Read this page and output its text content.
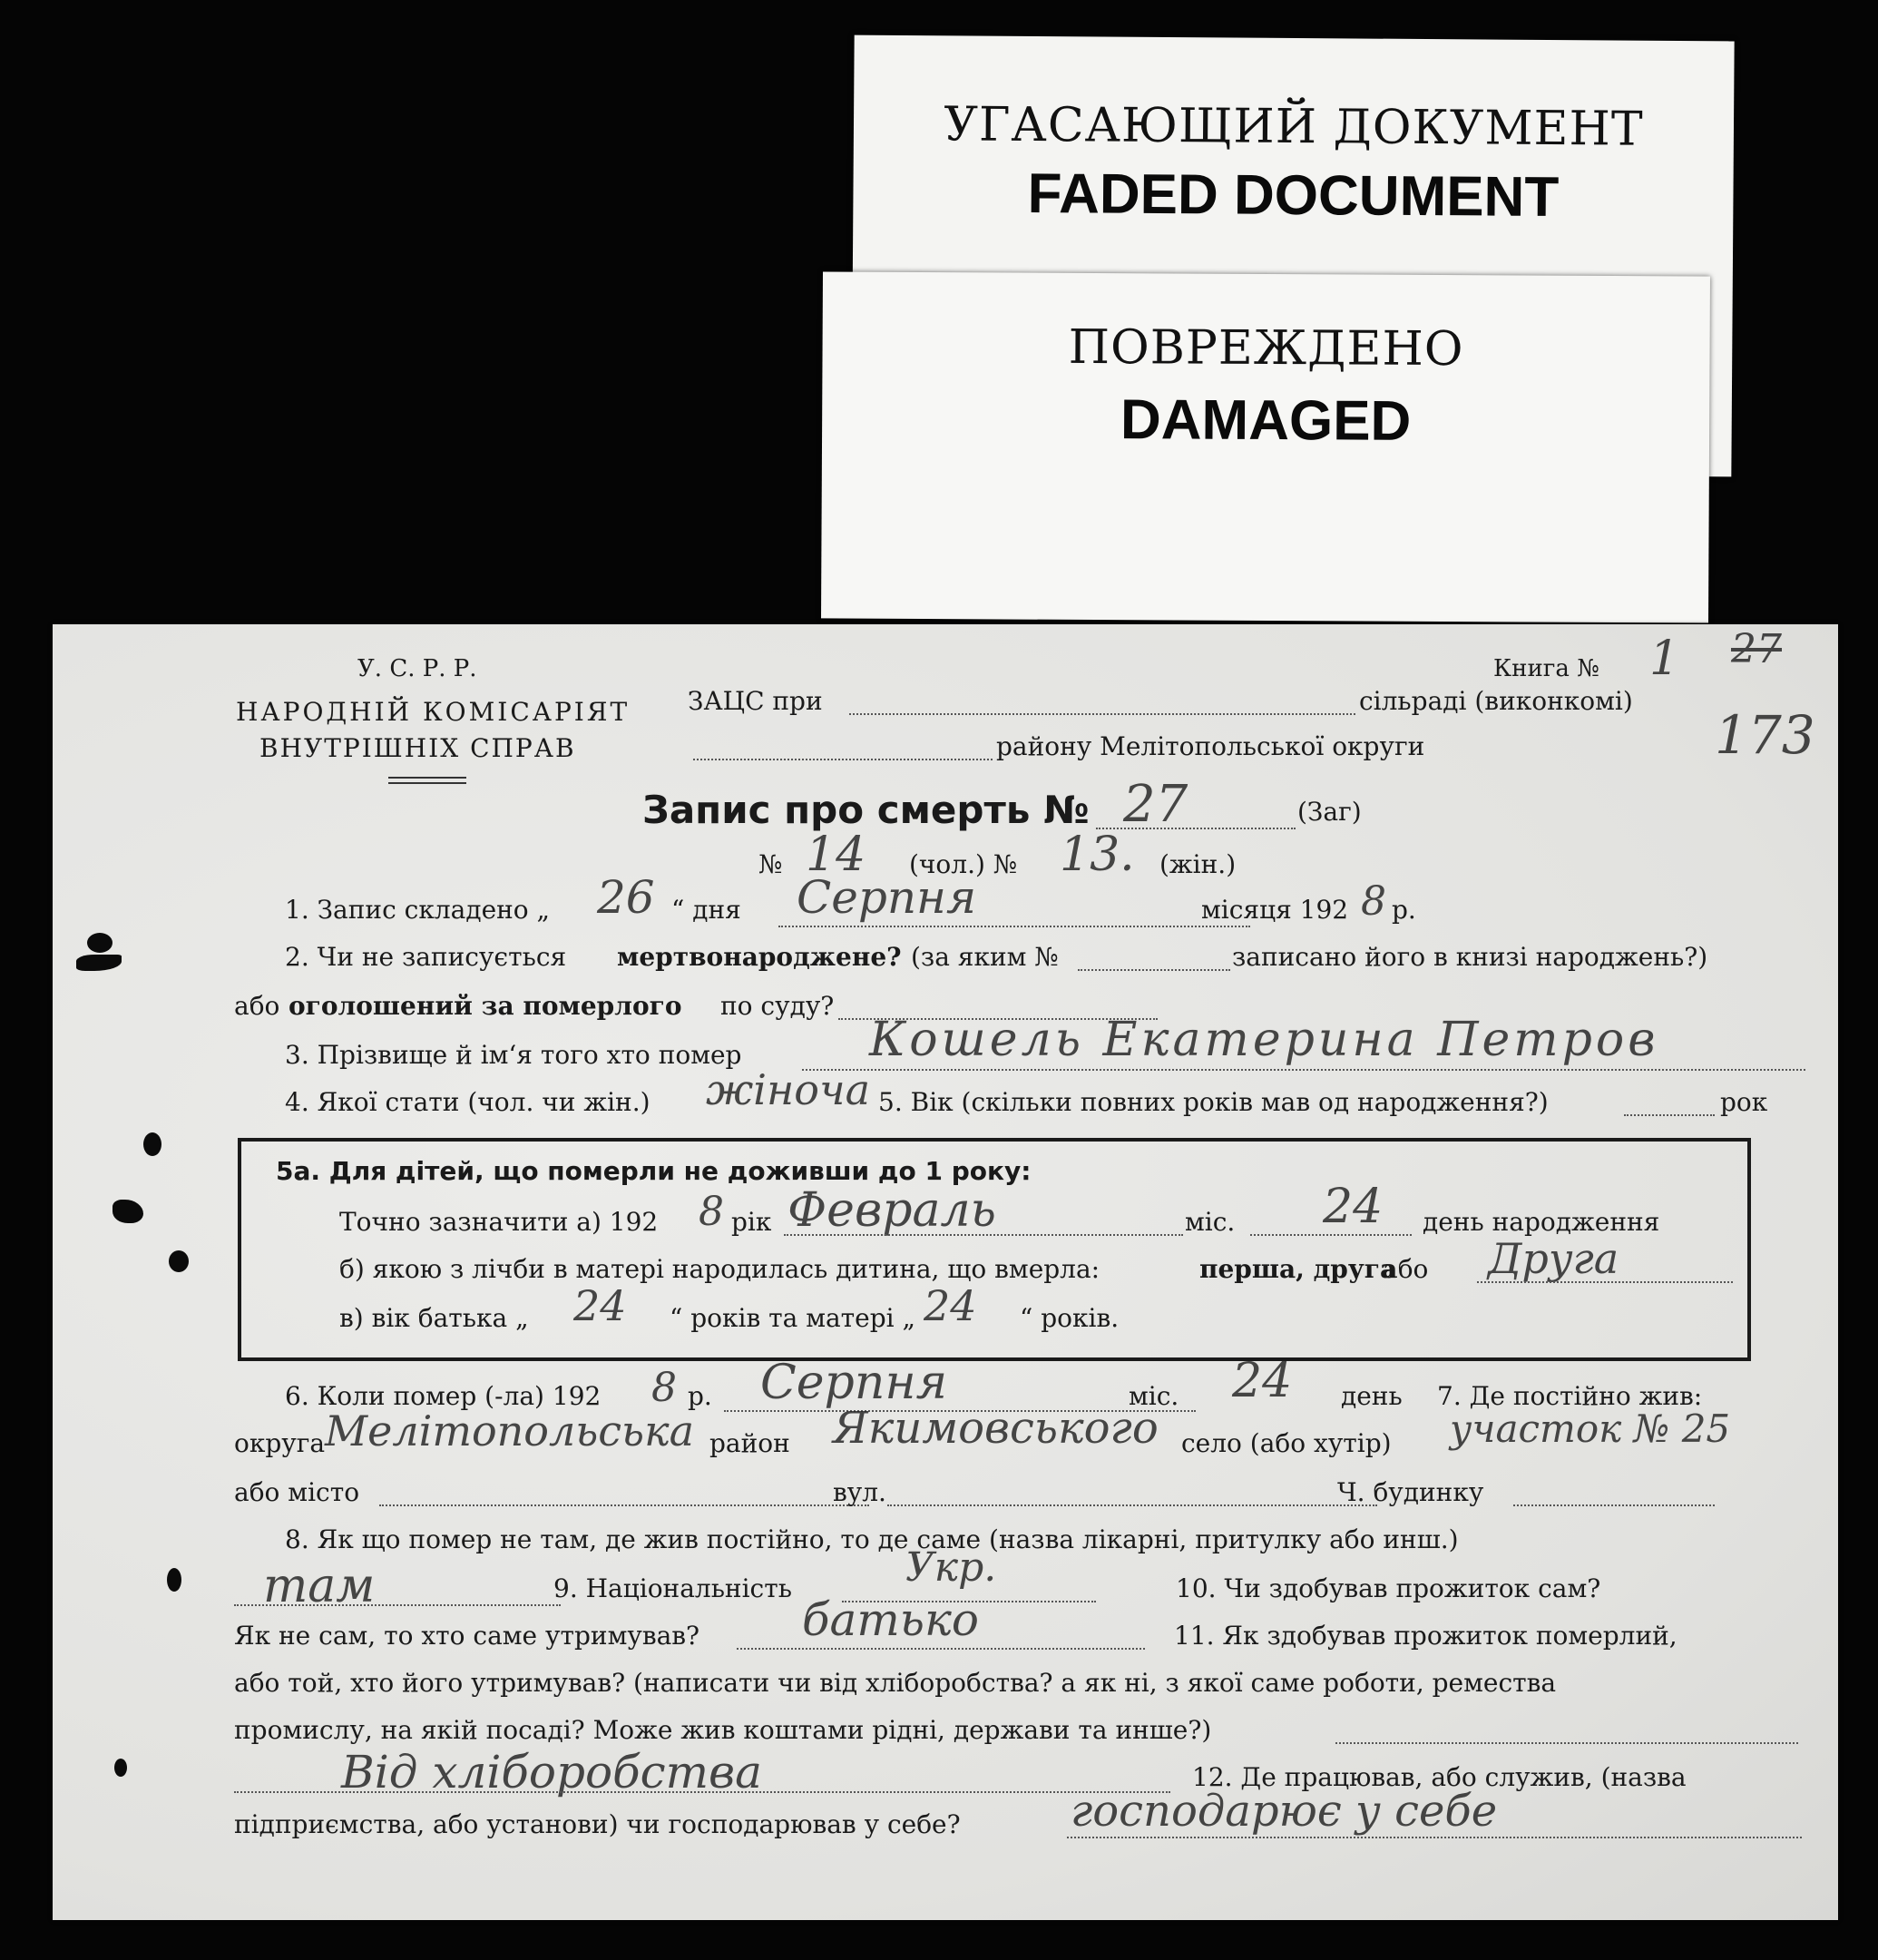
УГАСАЮЩИЙ ДОКУМЕНТ
FADED DOCUMENT
ПОВРЕЖДЕНО
DAMAGED
У. С. Р. Р.
НАРОДНІЙ КОМІСАРІЯТ
ВНУТРІШНІХ СПРАВ
ЗАЦС при	сільраді (виконкомі)
району Мелітопольської округи
Книга № 1 27
173
Запис про смерть № 27	(Заг)
№ 14 (чол.) № 13. (жін.)
1. Запис складено „ 26 “ дня Серпня	місяця 192 8 р.
2. Чи не записується мертвонароджене? (за яким №	записано його в книзі народжень?)
або оголошений за померлого по суду?
3. Прізвище й ім‘я того хто помер	Кошель Екатерина Петров
4. Якої стати (чол. чи жін.) жіноча 5. Вік (скільки повних років мав од народження?)	рок
5а. Для дітей, що померли не доживши до 1 року:
Точно зазначити а) 192 8 рік Февраль	міс. 24 день народження
б) якою з лічби в матері народилась дитина, що вмерла:	перша, друга
або Друга
в) вік батька „ 24 “ років та матері „ 24 “ років.
6. Коли помер (-ла) 192 8 р. Серпня	міс. 24 день 7. Де постійно жив:
округа Мелітопольська район Якимовського село (або хутір) участок № 25
або місто	вул.	Ч. будинку
8. Як що помер не там, де жив постійно, то де саме (назва лікарні, притулку або инш.)
там	9. Національність	Укр.	10. Чи здобував прожиток сам?
Як не сам, то хто саме утримував? батько	11. Як здобував прожиток померлий,
або той, хто його утримував? (написати чи від хліборобства? а як ні, з якої саме роботи, ремества
промислу, на якій посаді? Може жив коштами рідні, держави та инше?)
Від хліборобства	12. Де працював, або служив, (назва
підприємства, або установи) чи господарював у себе?	господарює у себе
